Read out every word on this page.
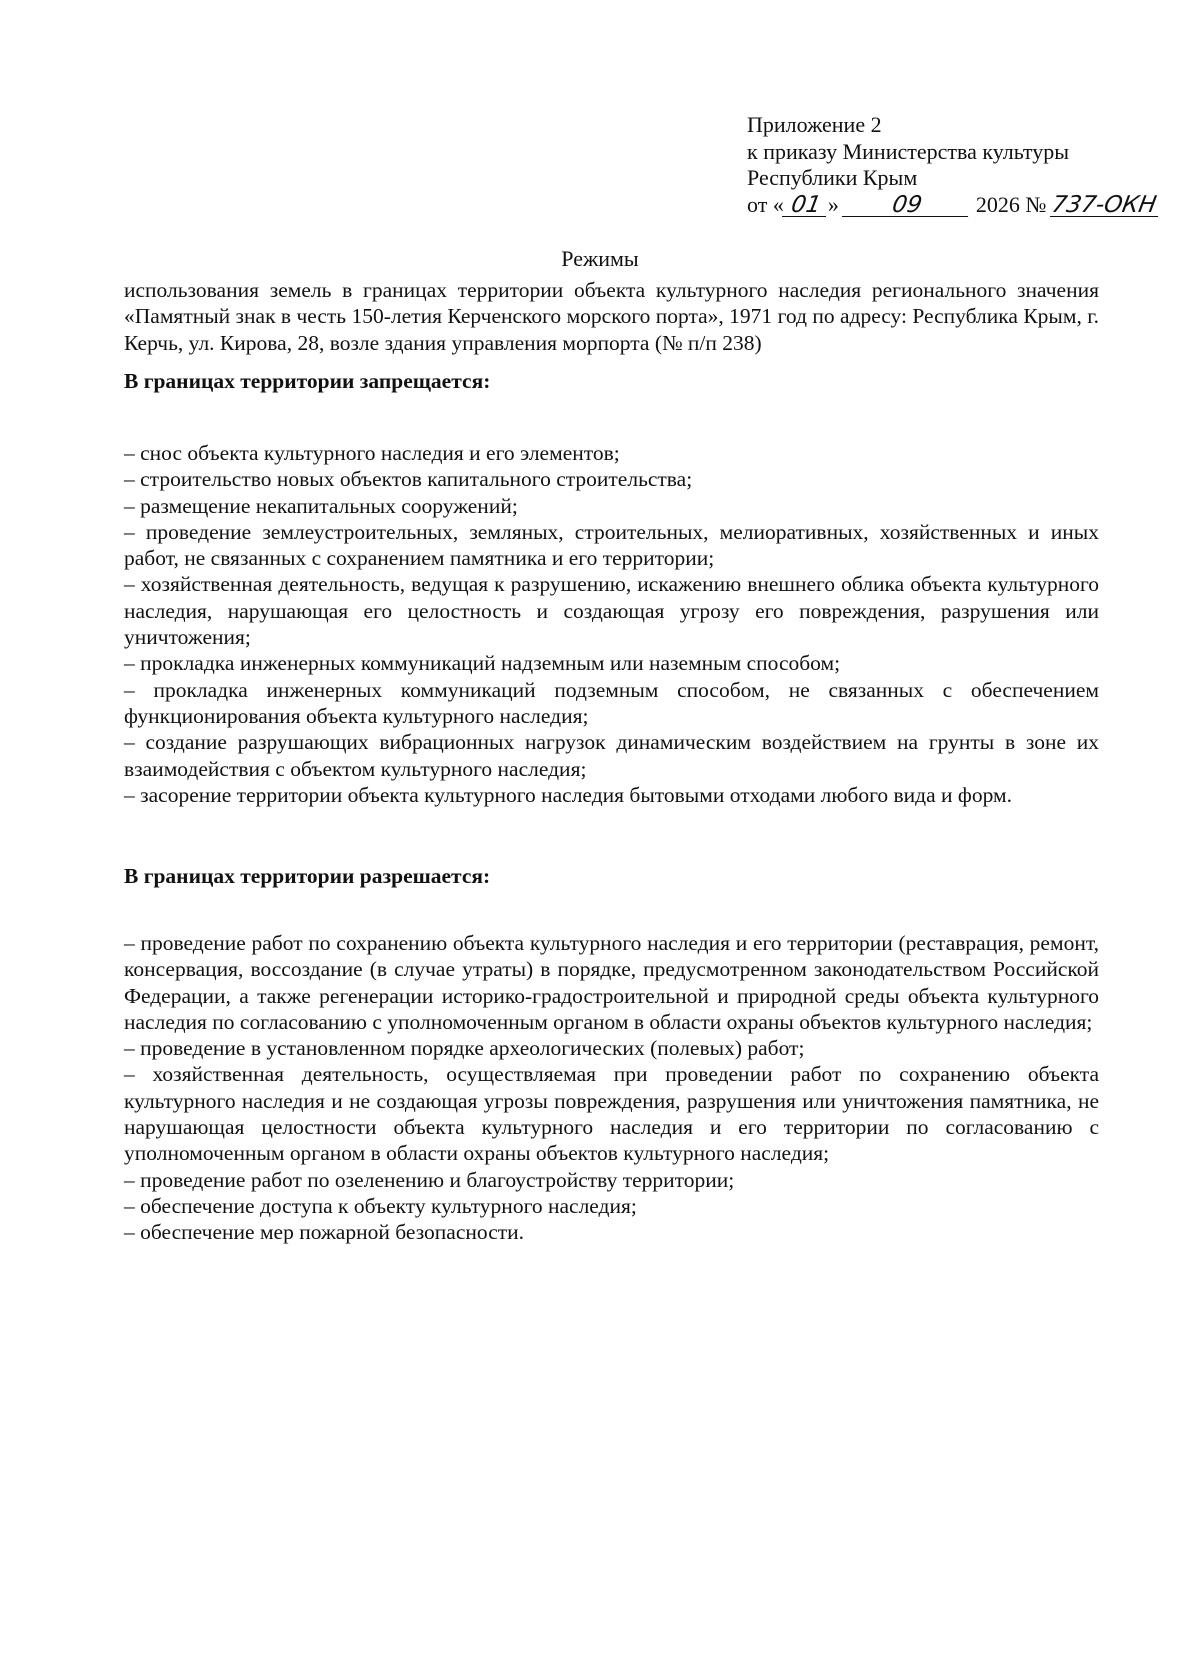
Приложение 2
к приказу Министерства культуры
Республики Крым
от « 01 » 09 2026 № 737-ОКН
Режимы
использования земель в границах территории объекта культурного наследия регионального значения «Памятный знак в честь 150-летия Керченского морского порта», 1971 год по адресу: Республика Крым, г. Керчь, ул. Кирова, 28, возле здания управления морпорта (№ п/п 238)
В границах территории запрещается:

– снос объекта культурного наследия и его элементов;

– строительство новых объектов капитального строительства;

– размещение некапитальных сооружений;

– проведение землеустроительных, земляных, строительных, мелиоративных, хозяйственных и иных работ, не связанных с сохранением памятника и его территории;

– хозяйственная деятельность, ведущая к разрушению, искажению внешнего облика объекта культурного наследия, нарушающая его целостность и создающая угрозу его повреждения, разрушения или уничтожения;

– прокладка инженерных коммуникаций надземным или наземным способом;

– прокладка инженерных коммуникаций подземным способом, не связанных с обеспечением функционирования объекта культурного наследия;

– создание разрушающих вибрационных нагрузок динамическим воздействием на грунты в зоне их взаимодействия с объектом культурного наследия;

– засорение территории объекта культурного наследия бытовыми отходами любого вида и форм.

В границах территории разрешается:

– проведение работ по сохранению объекта культурного наследия и его территории (реставрация, ремонт, консервация, воссоздание (в случае утраты) в порядке, предусмотренном законодательством Российской Федерации, а также регенерации историко-градостроительной и природной среды объекта культурного наследия по согласованию с уполномоченным органом в области охраны объектов культурного наследия;

– проведение в установленном порядке археологических (полевых) работ;

– хозяйственная деятельность, осуществляемая при проведении работ по сохранению объекта культурного наследия и не создающая угрозы повреждения, разрушения или уничтожения памятника, не нарушающая целостности объекта культурного наследия и его территории по согласованию с уполномоченным органом в области охраны объектов культурного наследия;

– проведение работ по озеленению и благоустройству территории;

– обеспечение доступа к объекту культурного наследия;

– обеспечение мер пожарной безопасности.
